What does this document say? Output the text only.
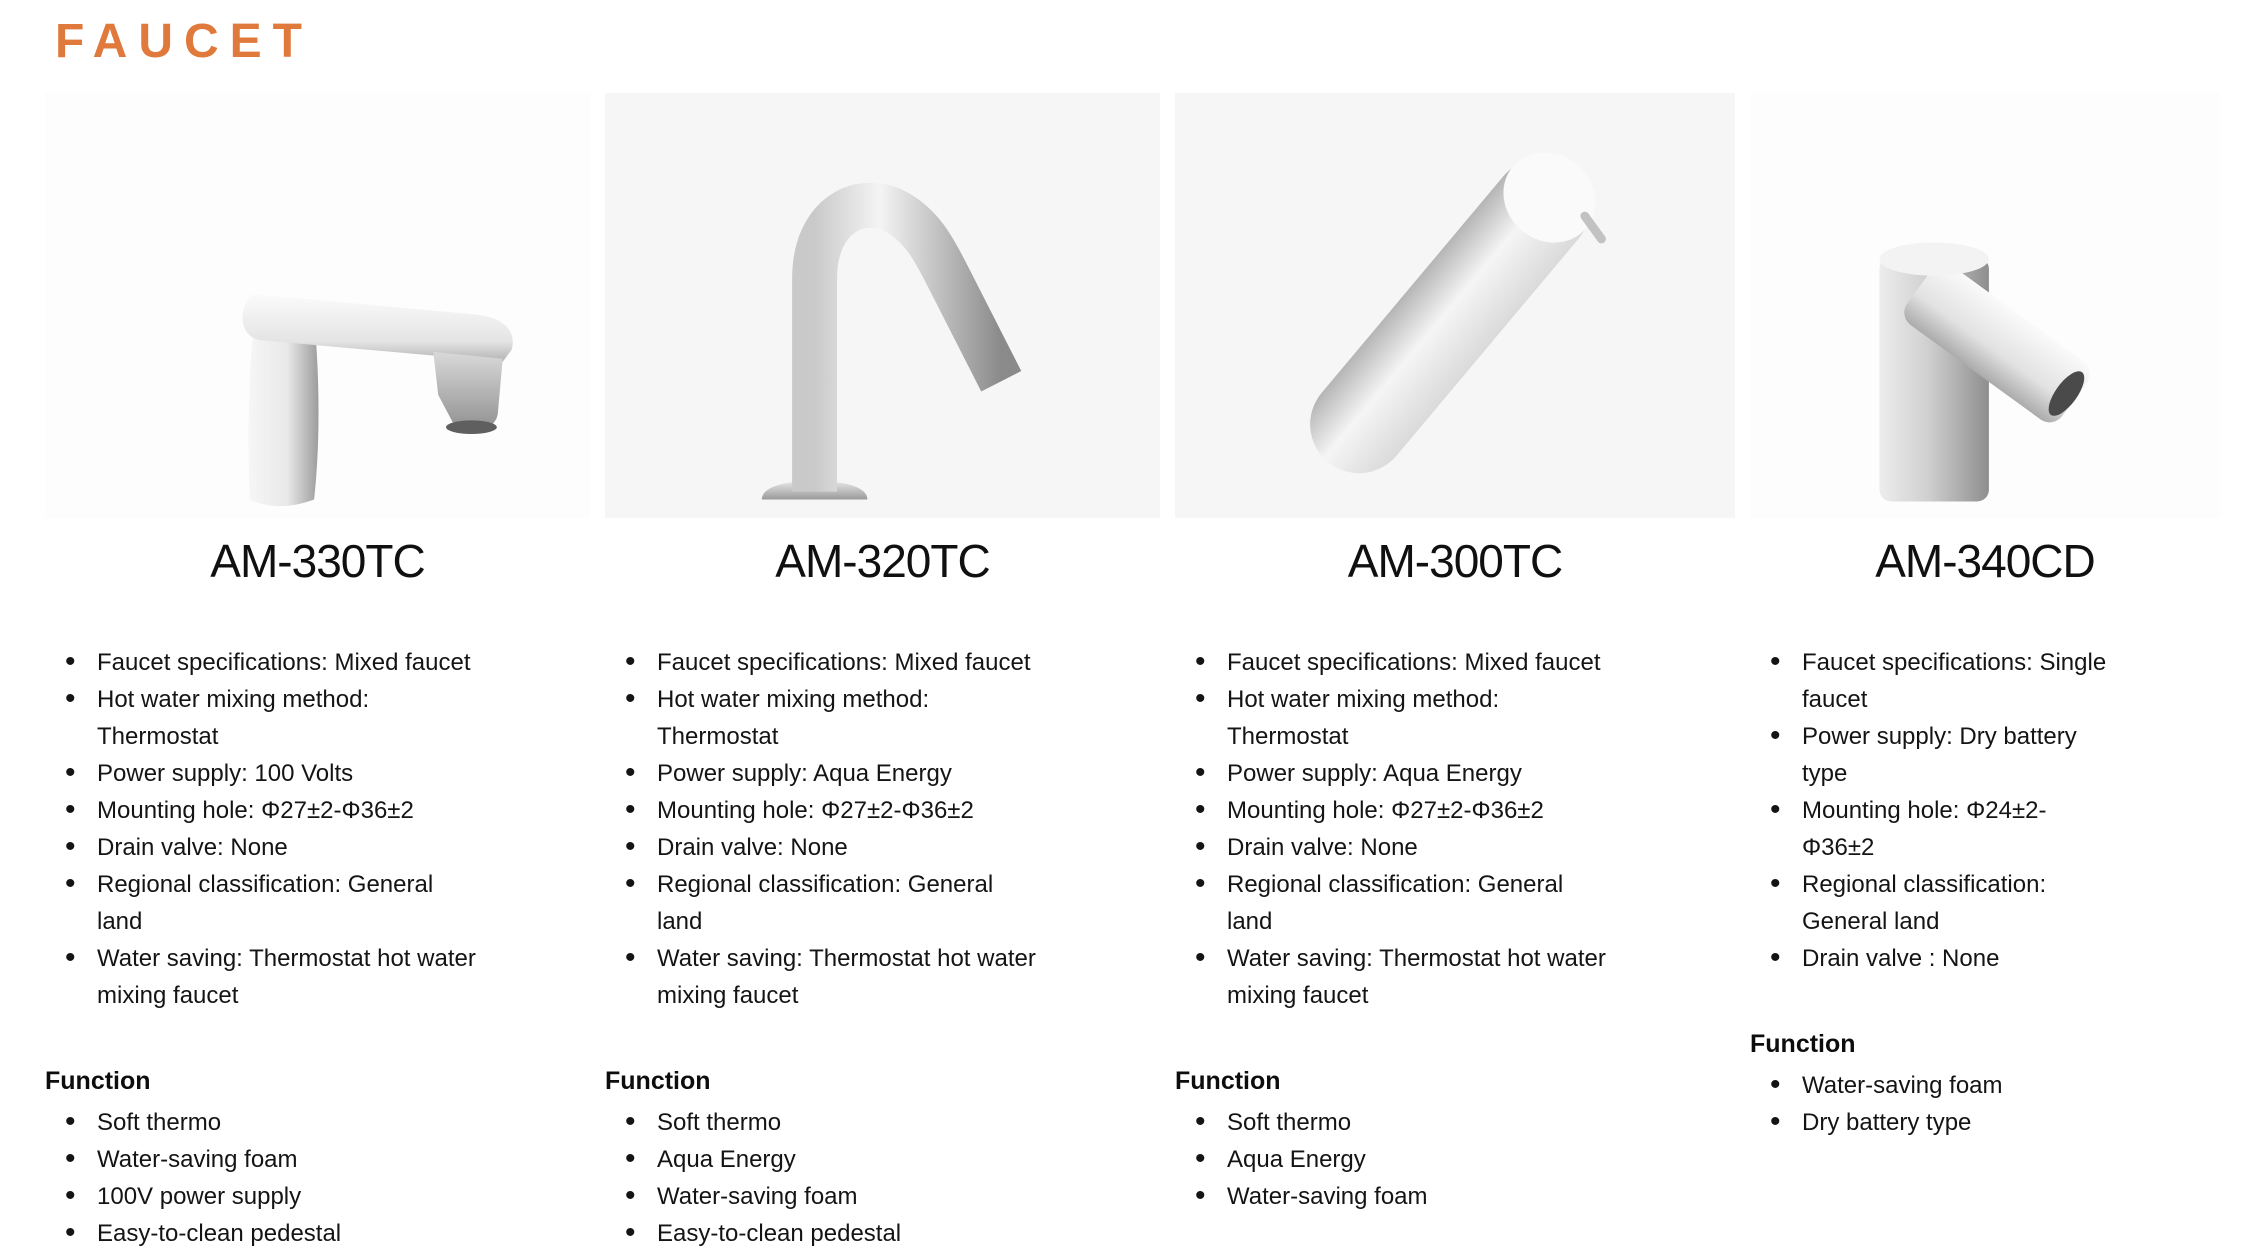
FAUCET
AM-330TC
• Faucet specifications: Mixed faucet
• Hot water mixing method: Thermostat
• Power supply: 100 Volts
• Mounting hole: Φ27±2-Φ36±2
• Drain valve: None
• Regional classification: General land
• Water saving: Thermostat hot water mixing faucet
Function
• Soft thermo
• Water-saving foam
• 100V power supply
• Easy-to-clean pedestal
AM-320TC
• Faucet specifications: Mixed faucet
• Hot water mixing method: Thermostat
• Power supply: Aqua Energy
• Mounting hole: Φ27±2-Φ36±2
• Drain valve: None
• Regional classification: General land
• Water saving: Thermostat hot water mixing faucet
Function
• Soft thermo
• Aqua Energy
• Water-saving foam
• Easy-to-clean pedestal
AM-300TC
• Faucet specifications: Mixed faucet
• Hot water mixing method: Thermostat
• Power supply: Aqua Energy
• Mounting hole: Φ27±2-Φ36±2
• Drain valve: None
• Regional classification: General land
• Water saving: Thermostat hot water mixing faucet
Function
• Soft thermo
• Aqua Energy
• Water-saving foam
AM-340CD
• Faucet specifications: Single faucet
• Power supply: Dry battery type
• Mounting hole: Φ24±2-Φ36±2
• Regional classification: General land
• Drain valve : None
Function
• Water-saving foam
• Dry battery type
